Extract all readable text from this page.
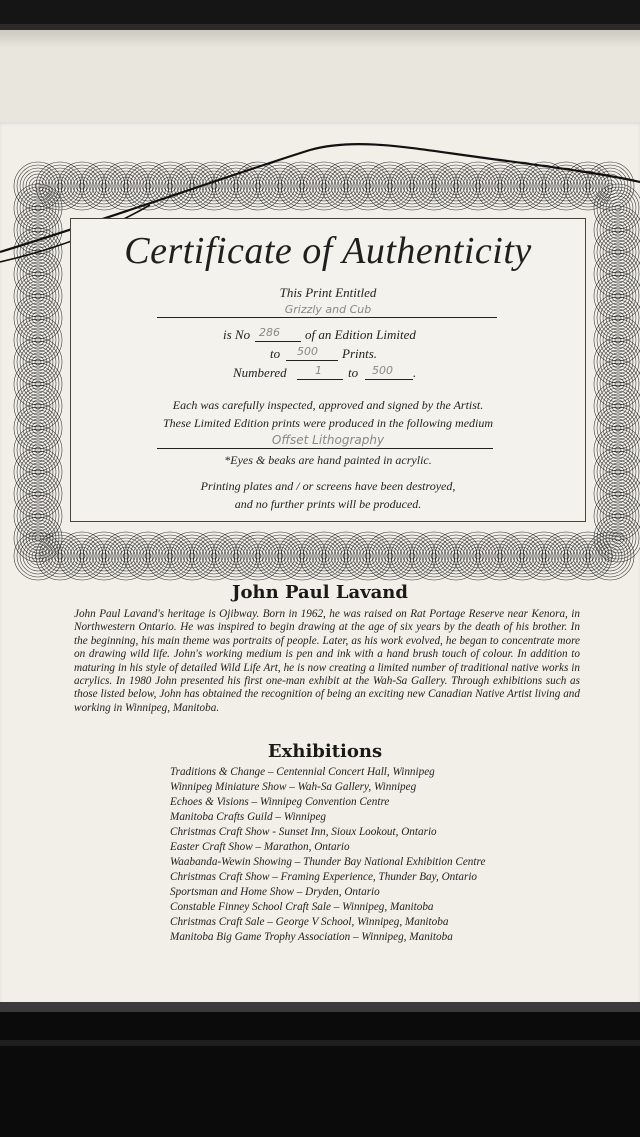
Certificate of Authenticity
This Print Entitled
Grizzly and Cub
is No 286 of an Edition Limited
to 500 Prints.
Numbered	1 to 500 .
Each was carefully inspected, approved and signed by the Artist.
These Limited Edition prints were produced in the following medium
Offset Lithography
*Eyes & beaks are hand painted in acrylic.
Printing plates and / or screens have been destroyed,
and no further prints will be produced.
John Paul Lavand
John Paul Lavand's heritage is Ojibway. Born in 1962, he was raised on Rat Portage Reserve near Kenora, in Northwestern Ontario. He was inspired to begin drawing at the age of six years by the death of his brother. In the beginning, his main theme was portraits of people. Later, as his work evolved, he began to concentrate more on drawing wild life. John's working medium is pen and ink with a hand brush touch of colour. In addition to maturing in his style of detailed Wild Life Art, he is now creating a limited number of traditional native works in acrylics. In 1980 John presented his first one-man exhibit at the Wah-Sa Gallery. Through exhibitions such as those listed below, John has obtained the recognition of being an exciting new Canadian Native Artist living and working in Winnipeg, Manitoba.
Exhibitions
Traditions & Change – Centennial Concert Hall, Winnipeg
Winnipeg Miniature Show – Wah-Sa Gallery, Winnipeg
Echoes & Visions – Winnipeg Convention Centre
Manitoba Crafts Guild – Winnipeg
Christmas Craft Show - Sunset Inn, Sioux Lookout, Ontario
Easter Craft Show – Marathon, Ontario
Waabanda-Wewin Showing – Thunder Bay National Exhibition Centre
Christmas Craft Show – Framing Experience, Thunder Bay, Ontario
Sportsman and Home Show – Dryden, Ontario
Constable Finney School Craft Sale – Winnipeg, Manitoba
Christmas Craft Sale – George V School, Winnipeg, Manitoba
Manitoba Big Game Trophy Association – Winnipeg, Manitoba
